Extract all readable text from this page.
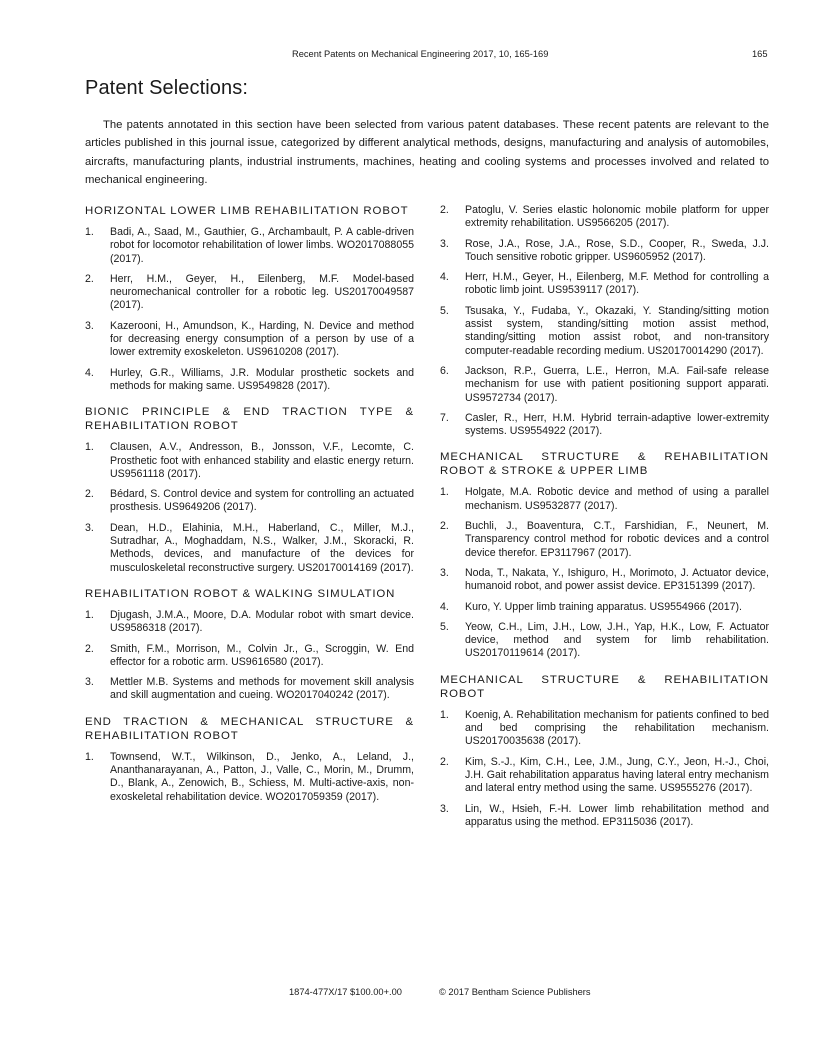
Recent Patents on Mechanical Engineering 2017, 10, 165-169	165
Patent Selections:

The patents annotated in this section have been selected from various patent databases. These recent patents are relevant to the articles published in this journal issue, categorized by different analytical methods, designs, manufacturing and analysis of automobiles, aircrafts, manufacturing plants, industrial instruments, machines, heating and cooling systems and processes involved and related to mechanical engineering.

HORIZONTAL LOWER LIMB REHABILITATION ROBOT
1. Badi, A., Saad, M., Gauthier, G., Archambault, P. A cable-driven robot for locomotor rehabilitation of lower limbs. WO2017088055 (2017).
2. Herr, H.M., Geyer, H., Eilenberg, M.F. Model-based neuromechanical controller for a robotic leg. US20170049587 (2017).
3. Kazerooni, H., Amundson, K., Harding, N. Device and method for decreasing energy consumption of a person by use of a lower extremity exoskeleton. US9610208 (2017).
4. Hurley, G.R., Williams, J.R. Modular prosthetic sockets and methods for making same. US9549828 (2017).
BIONIC PRINCIPLE & END TRACTION TYPE & REHABILITATION ROBOT
1. Clausen, A.V., Andresson, B., Jonsson, V.F., Lecomte, C. Prosthetic foot with enhanced stability and elastic energy return. US9561118 (2017).
2. Bédard, S. Control device and system for controlling an actuated prosthesis. US9649206 (2017).
3. Dean, H.D., Elahinia, M.H., Haberland, C., Miller, M.J., Sutradhar, A., Moghaddam, N.S., Walker, J.M., Skoracki, R. Methods, devices, and manufacture of the devices for musculoskeletal reconstructive surgery. US20170014169 (2017).
REHABILITATION ROBOT & WALKING SIMULATION
1. Djugash, J.M.A., Moore, D.A. Modular robot with smart device. US9586318 (2017).
2. Smith, F.M., Morrison, M., Colvin Jr., G., Scroggin, W. End effector for a robotic arm. US9616580 (2017).
3. Mettler M.B. Systems and methods for movement skill analysis and skill augmentation and cueing. WO2017040242 (2017).
END TRACTION & MECHANICAL STRUCTURE & REHABILITATION ROBOT
1. Townsend, W.T., Wilkinson, D., Jenko, A., Leland, J., Ananthanarayanan, A., Patton, J., Valle, C., Morin, M., Drumm, D., Blank, A., Zenowich, B., Schiess, M. Multi-active-axis, non-exoskeletal rehabilitation device. WO2017059359 (2017).
2. Patoglu, V. Series elastic holonomic mobile platform for upper extremity rehabilitation. US9566205 (2017).
3. Rose, J.A., Rose, J.A., Rose, S.D., Cooper, R., Sweda, J.J. Touch sensitive robotic gripper. US9605952 (2017).
4. Herr, H.M., Geyer, H., Eilenberg, M.F. Method for controlling a robotic limb joint. US9539117 (2017).
5. Tsusaka, Y., Fudaba, Y., Okazaki, Y. Standing/sitting motion assist system, standing/sitting motion assist method, standing/sitting motion assist robot, and non-transitory computer-readable recording medium. US20170014290 (2017).
6. Jackson, R.P., Guerra, L.E., Herron, M.A. Fail-safe release mechanism for use with patient positioning support apparati. US9572734 (2017).
7. Casler, R., Herr, H.M. Hybrid terrain-adaptive lower-extremity systems. US9554922 (2017).
MECHANICAL STRUCTURE & REHABILITATION ROBOT & STROKE & UPPER LIMB
1. Holgate, M.A. Robotic device and method of using a parallel mechanism. US9532877 (2017).
2. Buchli, J., Boaventura, C.T., Farshidian, F., Neunert, M. Transparency control method for robotic devices and a control device therefor. EP3117967 (2017).
3. Noda, T., Nakata, Y., Ishiguro, H., Morimoto, J. Actuator device, humanoid robot, and power assist device. EP3151399 (2017).
4. Kuro, Y. Upper limb training apparatus. US9554966 (2017).
5. Yeow, C.H., Lim, J.H., Low, J.H., Yap, H.K., Low, F. Actuator device, method and system for limb rehabilitation. US20170119614 (2017).
MECHANICAL STRUCTURE & REHABILITATION ROBOT
1. Koenig, A. Rehabilitation mechanism for patients confined to bed and bed comprising the rehabilitation mechanism. US20170035638 (2017).
2. Kim, S.-J., Kim, C.H., Lee, J.M., Jung, C.Y., Jeon, H.-J., Choi, J.H. Gait rehabilitation apparatus having lateral entry mechanism and lateral entry method using the same. US9555276 (2017).
3. Lin, W., Hsieh, F.-H. Lower limb rehabilitation method and apparatus using the method. EP3115036 (2017).
1874-477X/17 $100.00+.00	© 2017 Bentham Science Publishers
